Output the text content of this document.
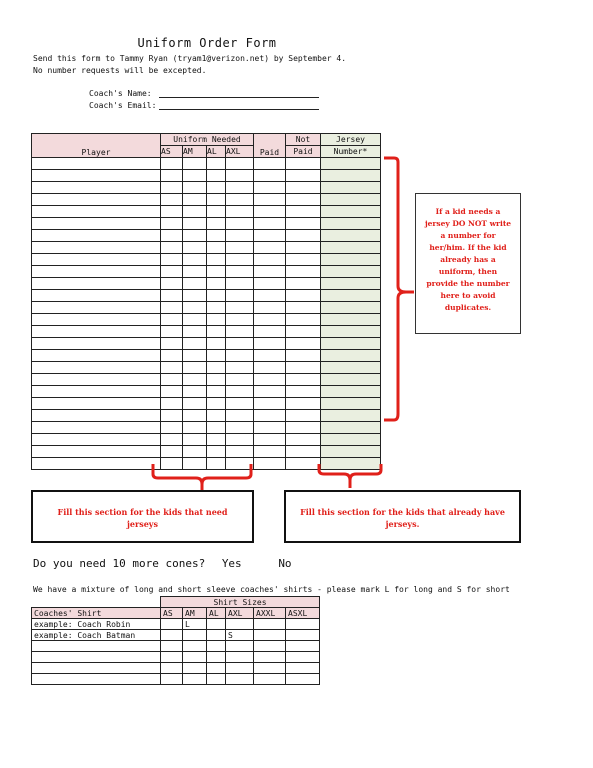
Uniform Order Form
Send this form to Tammy Ryan (tryam1@verizon.net) by September 4.
No number requests will be excepted.
Coach's Name:
Coach's Email:
Player	Uniform Needed				Paid	Not	Jersey
	AS	AM	AL	AXL		Paid	Number*

If a kid needs a jersey DO NOT write a number for her/him. If the kid already has a uniform, then provide the number here to avoid duplicates.
Fill this section for the kids that need jerseys
Fill this section for the kids that already have jerseys.
Do you need 10 more cones? Yes	No
We have a mixture of long and short sleeve coaches' shirts - please mark L for long and S for short
	Shirt Sizes					
Coaches' Shirt	AS	AM	AL	AXL	AXXL	ASXL
example: Coach Robin		L				
example: Coach Batman				S		
